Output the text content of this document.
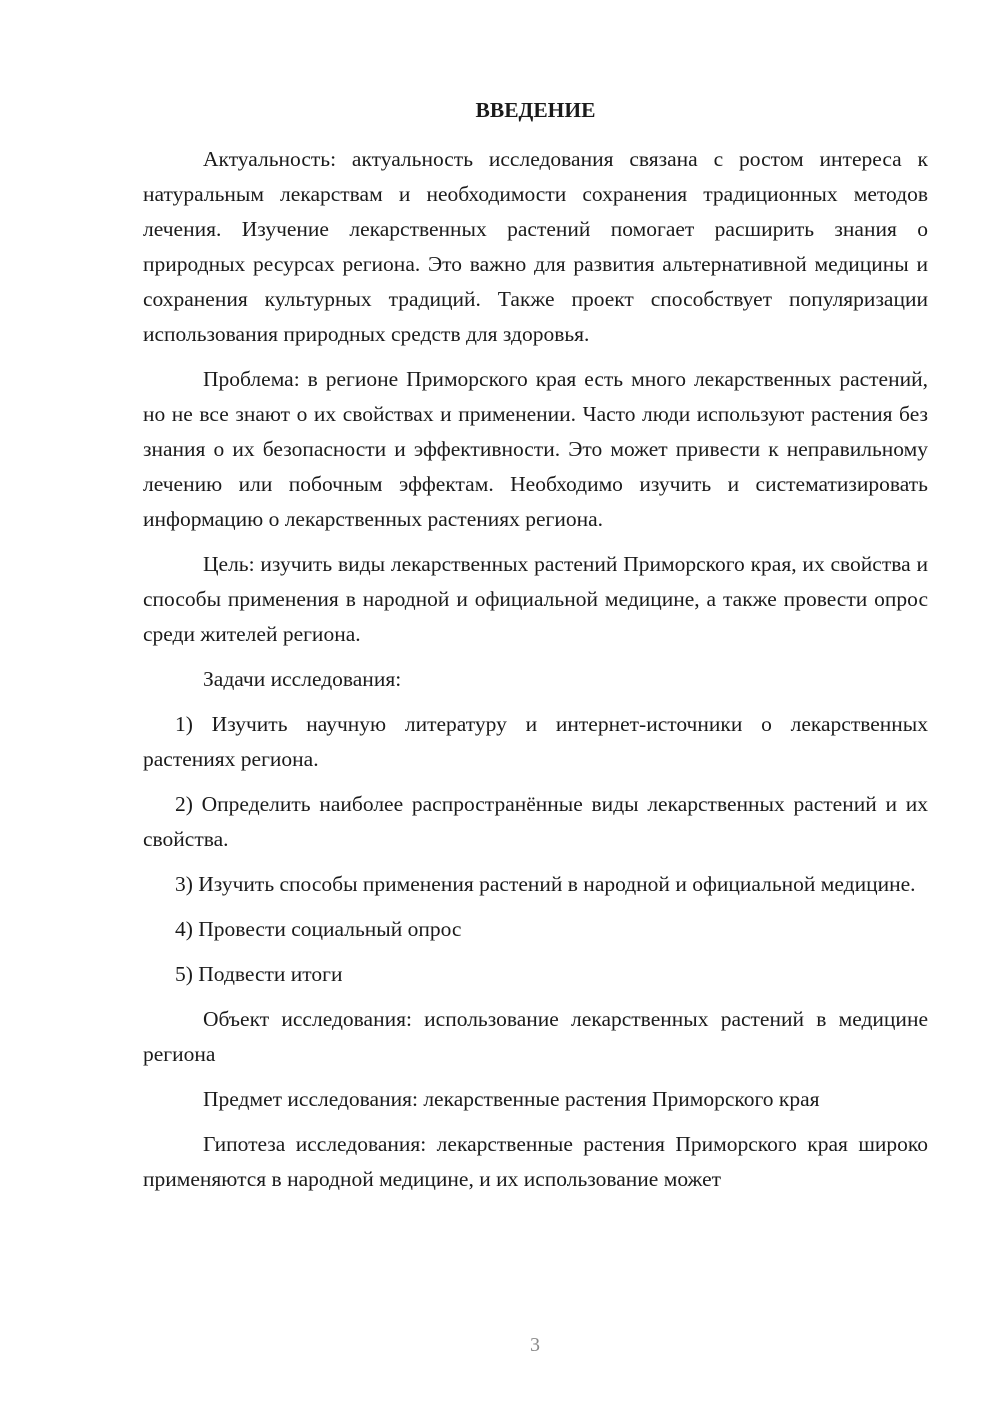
ВВЕДЕНИЕ

Актуальность: актуальность исследования связана с ростом интереса к натуральным лекарствам и необходимости сохранения традиционных методов лечения. Изучение лекарственных растений помогает расширить знания о природных ресурсах региона. Это важно для развития альтернативной медицины и сохранения культурных традиций. Также проект способствует популяризации использования природных средств для здоровья.

Проблема: в регионе Приморского края есть много лекарственных растений, но не все знают о их свойствах и применении. Часто люди используют растения без знания о их безопасности и эффективности. Это может привести к неправильному лечению или побочным эффектам. Необходимо изучить и систематизировать информацию о лекарственных растениях региона.

Цель: изучить виды лекарственных растений Приморского края, их свойства и способы применения в народной и официальной медицине, а также провести опрос среди жителей региона.

Задачи исследования:

1) Изучить научную литературу и интернет-источники о лекарственных растениях региона.

2) Определить наиболее распространённые виды лекарственных растений и их свойства.

3) Изучить способы применения растений в народной и официальной медицине.

4) Провести социальный опрос

5) Подвести итоги

Объект исследования: использование лекарственных растений в медицине региона

Предмет исследования: лекарственные растения Приморского края

Гипотеза исследования: лекарственные растения Приморского края широко применяются в народной медицине, и их использование может

3
